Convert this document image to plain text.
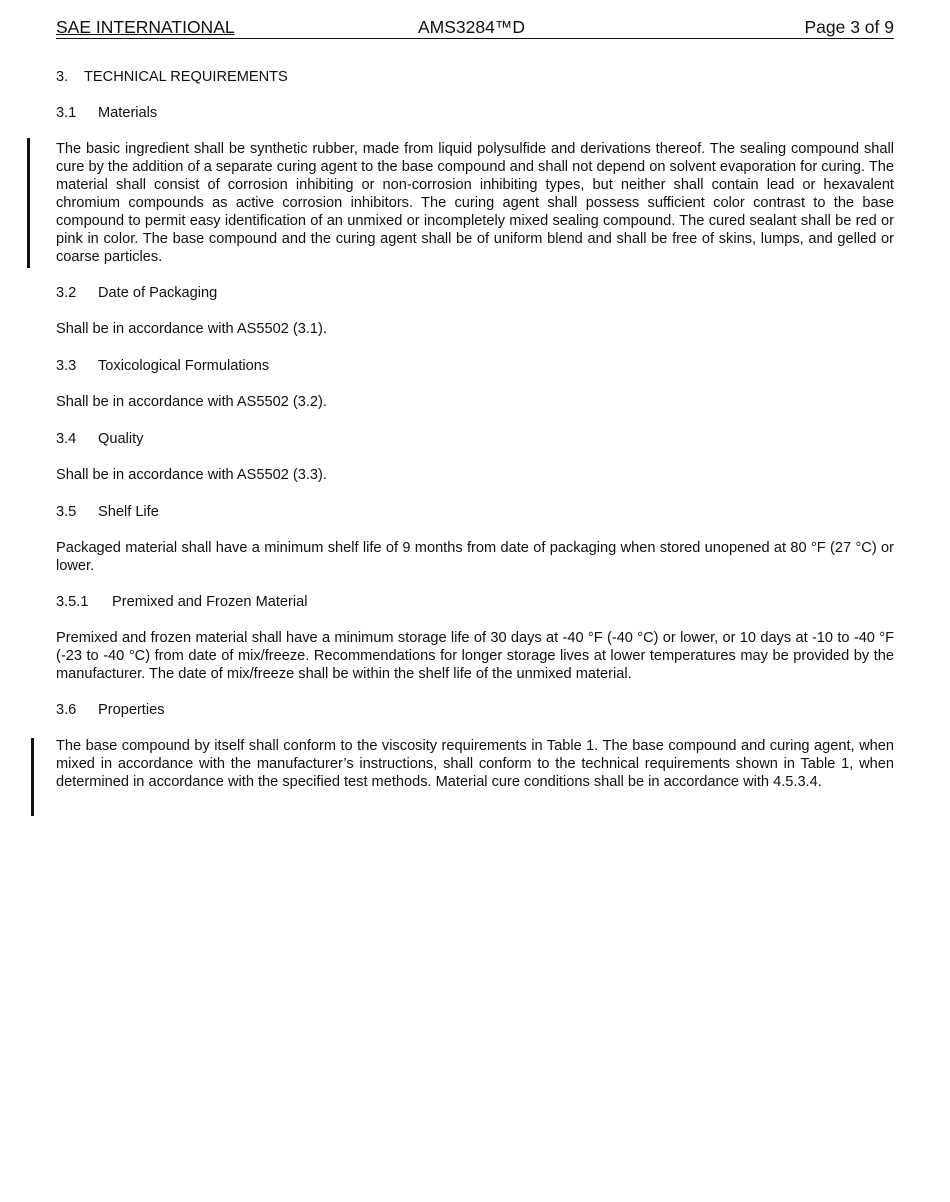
SAE INTERNATIONAL	AMS3284™D	Page 3 of 9
3. TECHNICAL REQUIREMENTS
3.1 Materials

The basic ingredient shall be synthetic rubber, made from liquid polysulfide and derivations thereof. The sealing compound shall cure by the addition of a separate curing agent to the base compound and shall not depend on solvent evaporation for curing. The material shall consist of corrosion inhibiting or non-corrosion inhibiting types, but neither shall contain lead or hexavalent chromium compounds as active corrosion inhibitors. The curing agent shall possess sufficient color contrast to the base compound to permit easy identification of an unmixed or incompletely mixed sealing compound. The cured sealant shall be red or pink in color. The base compound and the curing agent shall be of uniform blend and shall be free of skins, lumps, and gelled or coarse particles.

3.2 Date of Packaging

Shall be in accordance with AS5502 (3.1).

3.3 Toxicological Formulations

Shall be in accordance with AS5502 (3.2).

3.4 Quality

Shall be in accordance with AS5502 (3.3).

3.5 Shelf Life

Packaged material shall have a minimum shelf life of 9 months from date of packaging when stored unopened at 80 °F (27 °C) or lower.

3.5.1 Premixed and Frozen Material

Premixed and frozen material shall have a minimum storage life of 30 days at -40 °F (-40 °C) or lower, or 10 days at -10 to -40 °F (-23 to -40 °C) from date of mix/freeze. Recommendations for longer storage lives at lower temperatures may be provided by the manufacturer. The date of mix/freeze shall be within the shelf life of the unmixed material.

3.6 Properties

The base compound by itself shall conform to the viscosity requirements in Table 1. The base compound and curing agent, when mixed in accordance with the manufacturer’s instructions, shall conform to the technical requirements shown in Table 1, when determined in accordance with the specified test methods. Material cure conditions shall be in accordance with 4.5.3.4.
